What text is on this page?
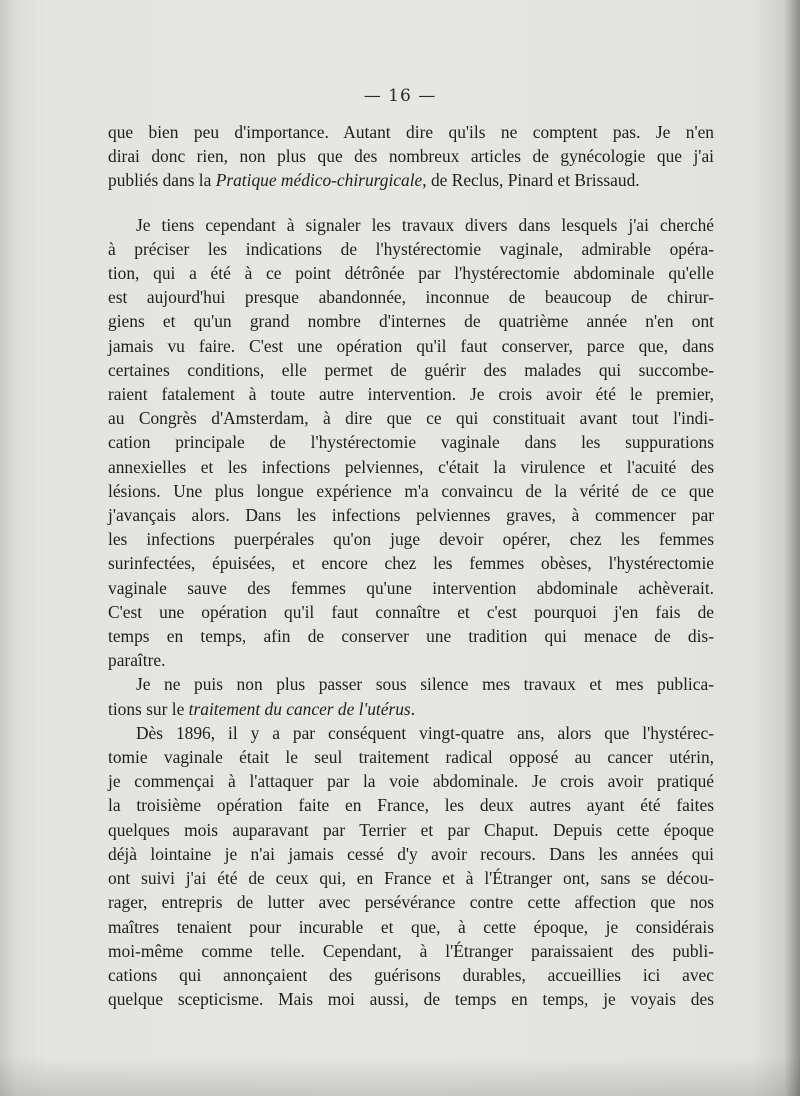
— 16 —

que bien peu d'importance. Autant dire qu'ils ne comptent pas. Je n'en

dirai donc rien, non plus que des nombreux articles de gynécologie que j'ai

publiés dans la Pratique médico-chirurgicale, de Reclus, Pinard et Brissaud.

Je tiens cependant à signaler les travaux divers dans lesquels j'ai cherché

à préciser les indications de l'hystérectomie vaginale, admirable opéra-

tion, qui a été à ce point détrônée par l'hystérectomie abdominale qu'elle

est aujourd'hui presque abandonnée, inconnue de beaucoup de chirur-

giens et qu'un grand nombre d'internes de quatrième année n'en ont

jamais vu faire. C'est une opération qu'il faut conserver, parce que, dans

certaines conditions, elle permet de guérir des malades qui succombe-

raient fatalement à toute autre intervention. Je crois avoir été le premier,

au Congrès d'Amsterdam, à dire que ce qui constituait avant tout l'indi-

cation principale de l'hystérectomie vaginale dans les suppurations

annexielles et les infections pelviennes, c'était la virulence et l'acuité des

lésions. Une plus longue expérience m'a convaincu de la vérité de ce que

j'avançais alors. Dans les infections pelviennes graves, à commencer par

les infections puerpérales qu'on juge devoir opérer, chez les femmes

surinfectées, épuisées, et encore chez les femmes obèses, l'hystérectomie

vaginale sauve des femmes qu'une intervention abdominale achèverait.

C'est une opération qu'il faut connaître et c'est pourquoi j'en fais de

temps en temps, afin de conserver une tradition qui menace de dis-

paraître.

Je ne puis non plus passer sous silence mes travaux et mes publica-

tions sur le traitement du cancer de l'utérus.

Dès 1896, il y a par conséquent vingt-quatre ans, alors que l'hystérec-

tomie vaginale était le seul traitement radical opposé au cancer utérin,

je commençai à l'attaquer par la voie abdominale. Je crois avoir pratiqué

la troisième opération faite en France, les deux autres ayant été faites

quelques mois auparavant par Terrier et par Chaput. Depuis cette époque

déjà lointaine je n'ai jamais cessé d'y avoir recours. Dans les années qui

ont suivi j'ai été de ceux qui, en France et à l'Étranger ont, sans se décou-

rager, entrepris de lutter avec persévérance contre cette affection que nos

maîtres tenaient pour incurable et que, à cette époque, je considérais

moi-même comme telle. Cependant, à l'Étranger paraissaient des publi-

cations qui annonçaient des guérisons durables, accueillies ici avec

quelque scepticisme. Mais moi aussi, de temps en temps, je voyais des
